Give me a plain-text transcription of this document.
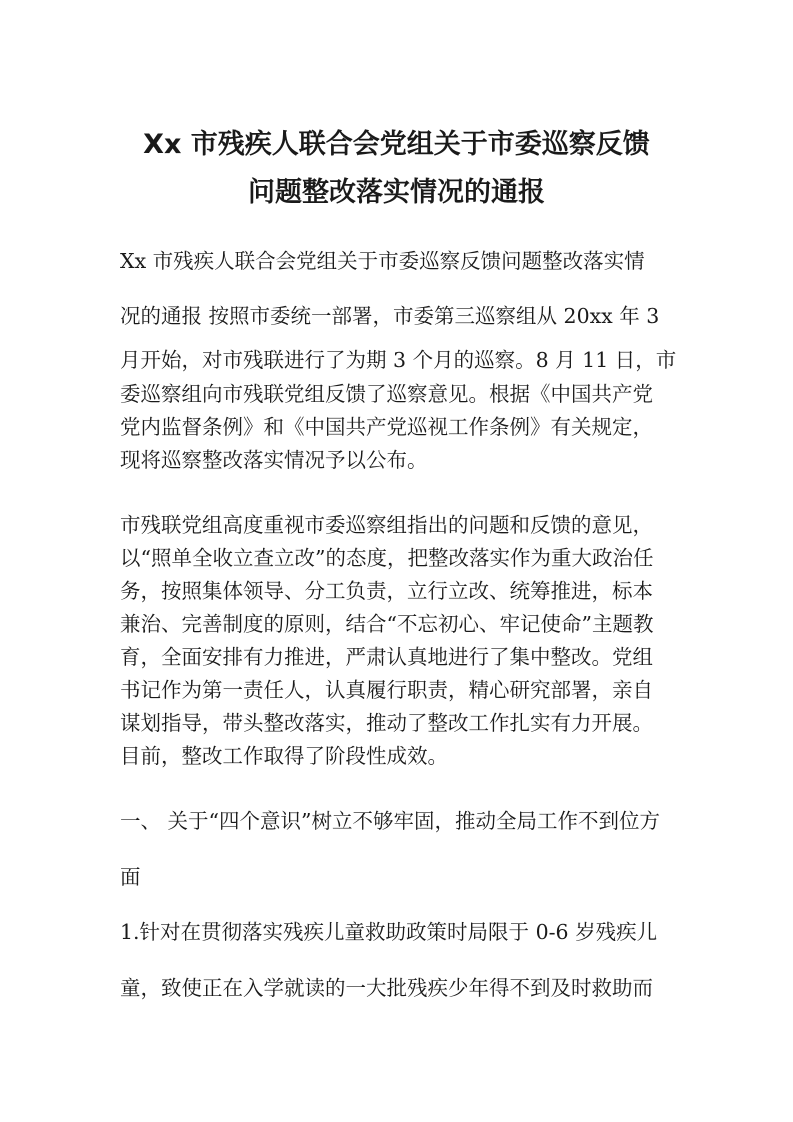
Xx 市残疾人联合会党组关于市委巡察反馈
问题整改落实情况的通报

Xx 市残疾人联合会党组关于市委巡察反馈问题整改落实情

况的通报 按照市委统一部署，市委第三巡察组从 20xx 年 3

月开始，对市残联进行了为期 3 个月的巡察。8 月 11 日，市

委巡察组向市残联党组反馈了巡察意见。根据《中国共产党

党内监督条例》和《中国共产党巡视工作条例》有关规定，

现将巡察整改落实情况予以公布。

市残联党组高度重视市委巡察组指出的问题和反馈的意见，

以“照单全收立查立改”的态度，把整改落实作为重大政治任

务，按照集体领导、分工负责，立行立改、统筹推进，标本

兼治、完善制度的原则，结合“不忘初心、牢记使命”主题教

育，全面安排有力推进，严肃认真地进行了集中整改。党组

书记作为第一责任人，认真履行职责，精心研究部署，亲自

谋划指导，带头整改落实，推动了整改工作扎实有力开展。

目前，整改工作取得了阶段性成效。

一、 关于“四个意识”树立不够牢固，推动全局工作不到位方

面

1.针对在贯彻落实残疾儿童救助政策时局限于 0-6 岁残疾儿

童，致使正在入学就读的一大批残疾少年得不到及时救助而
